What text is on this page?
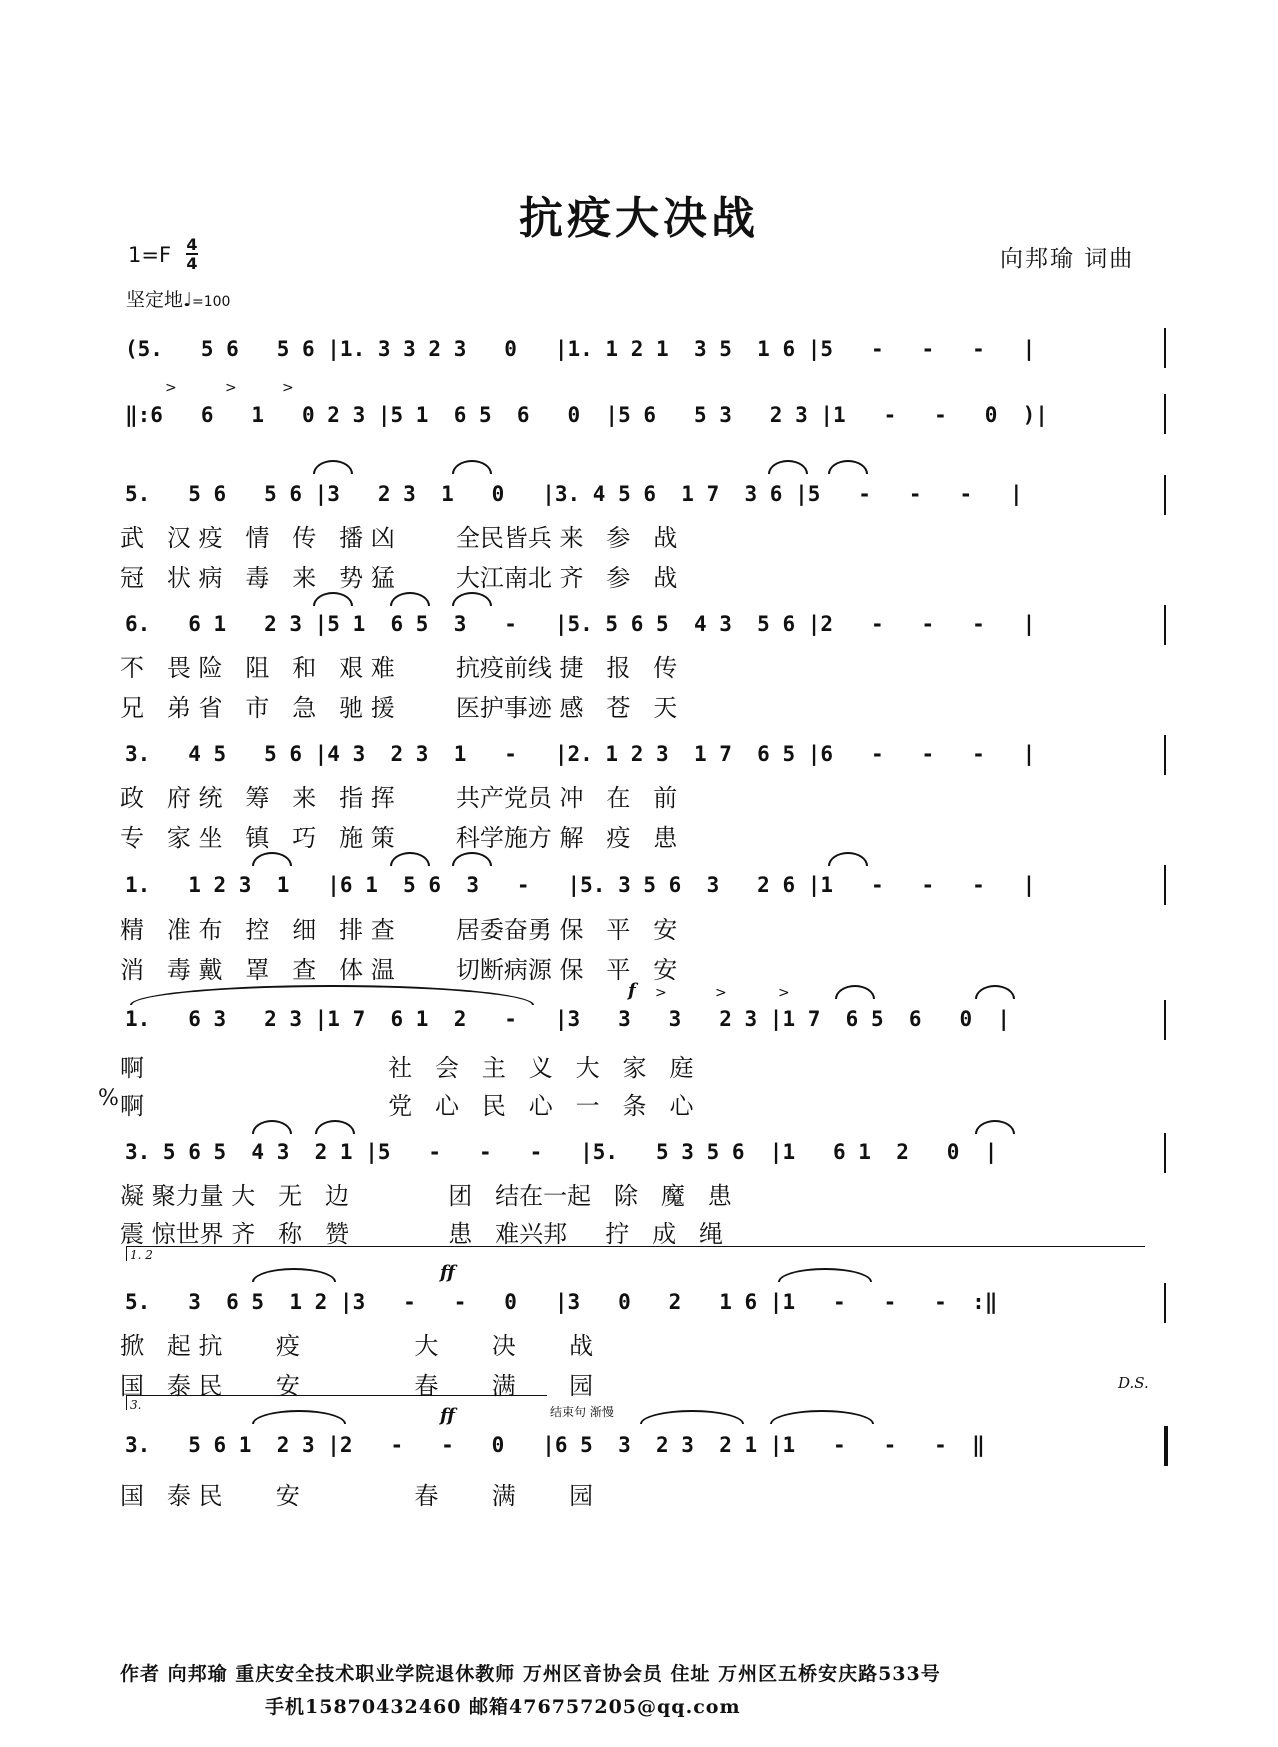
抗疫大决战
1=F 4
4
坚定地♩=100
向邦瑜 词曲
(5.   5 6   5 6 |1. 3 3 2 3   0   |1. 1 2 1  3 5  1 6 |5   -   -   -   |
>	>	>
‖:6   6   1   0 2 3 |5 1  6 5  6   0  |5 6   5 3   2 3 |1   -   -   0  )|
5.   5 6   5 6 |3   2 3  1   0   |3. 4 5 6  1 7  3 6 |5   -   -   -   |
武   汉 疫   情   传   播 凶        全民皆兵 来   参   战
冠   状 病   毒   来   势 猛        大江南北 齐   参   战
6.   6 1   2 3 |5 1  6 5  3   -   |5. 5 6 5  4 3  5 6 |2   -   -   -   |
不   畏 险   阻   和   艰 难        抗疫前线 捷   报   传
兄   弟 省   市   急   驰 援        医护事迹 感   苍   天
3.   4 5   5 6 |4 3  2 3  1   -   |2. 1 2 3  1 7  6 5 |6   -   -   -   |
政   府 统   筹   来   指 挥        共产党员 冲   在   前
专   家 坐   镇   巧   施 策        科学施方 解   疫   患
1.   1 2 3  1   |6 1  5 6  3   -   |5. 3 5 6  3   2 6 |1   -   -   -   |
精   准 布   控   细   排 查        居委奋勇 保   平   安
消   毒 戴   罩   查   体 温        切断病源 保   平   安
f >	>	>
1.   6 3   2 3 |1 7  6 1  2   -   |3   3   3   2 3 |1 7  6 5  6   0  |
啊                                社   会   主   义   大   家   庭
% 啊                                党   心   民   心   一   条   心
3. 5 6 5  4 3  2 1 |5   -   -   -   |5.   5 3 5 6  |1   6 1  2   0  |
凝 聚力量 大   无   边             团   结在一起   除   魔   患
震 惊世界 齐   称   赞             患   难兴邦     拧   成   绳
1. 2
ff
5.   3  6 5  1 2 |3   -   -   0   |3   0   2   1 6 |1   -   -   -  :‖
掀   起 抗       疫               大       决       战
国   泰 民       安               春       满       园	D.S.
3.	ff	结束句 渐慢
3.   5 6 1  2 3 |2   -   -   0   |6 5  3  2 3  2 1 |1   -   -   -  ‖
国   泰 民       安               春       满       园
作者 向邦瑜 重庆安全技术职业学院退休教师 万州区音协会员 住址 万州区五桥安庆路533号
手机15870432460 邮箱476757205@qq.com
